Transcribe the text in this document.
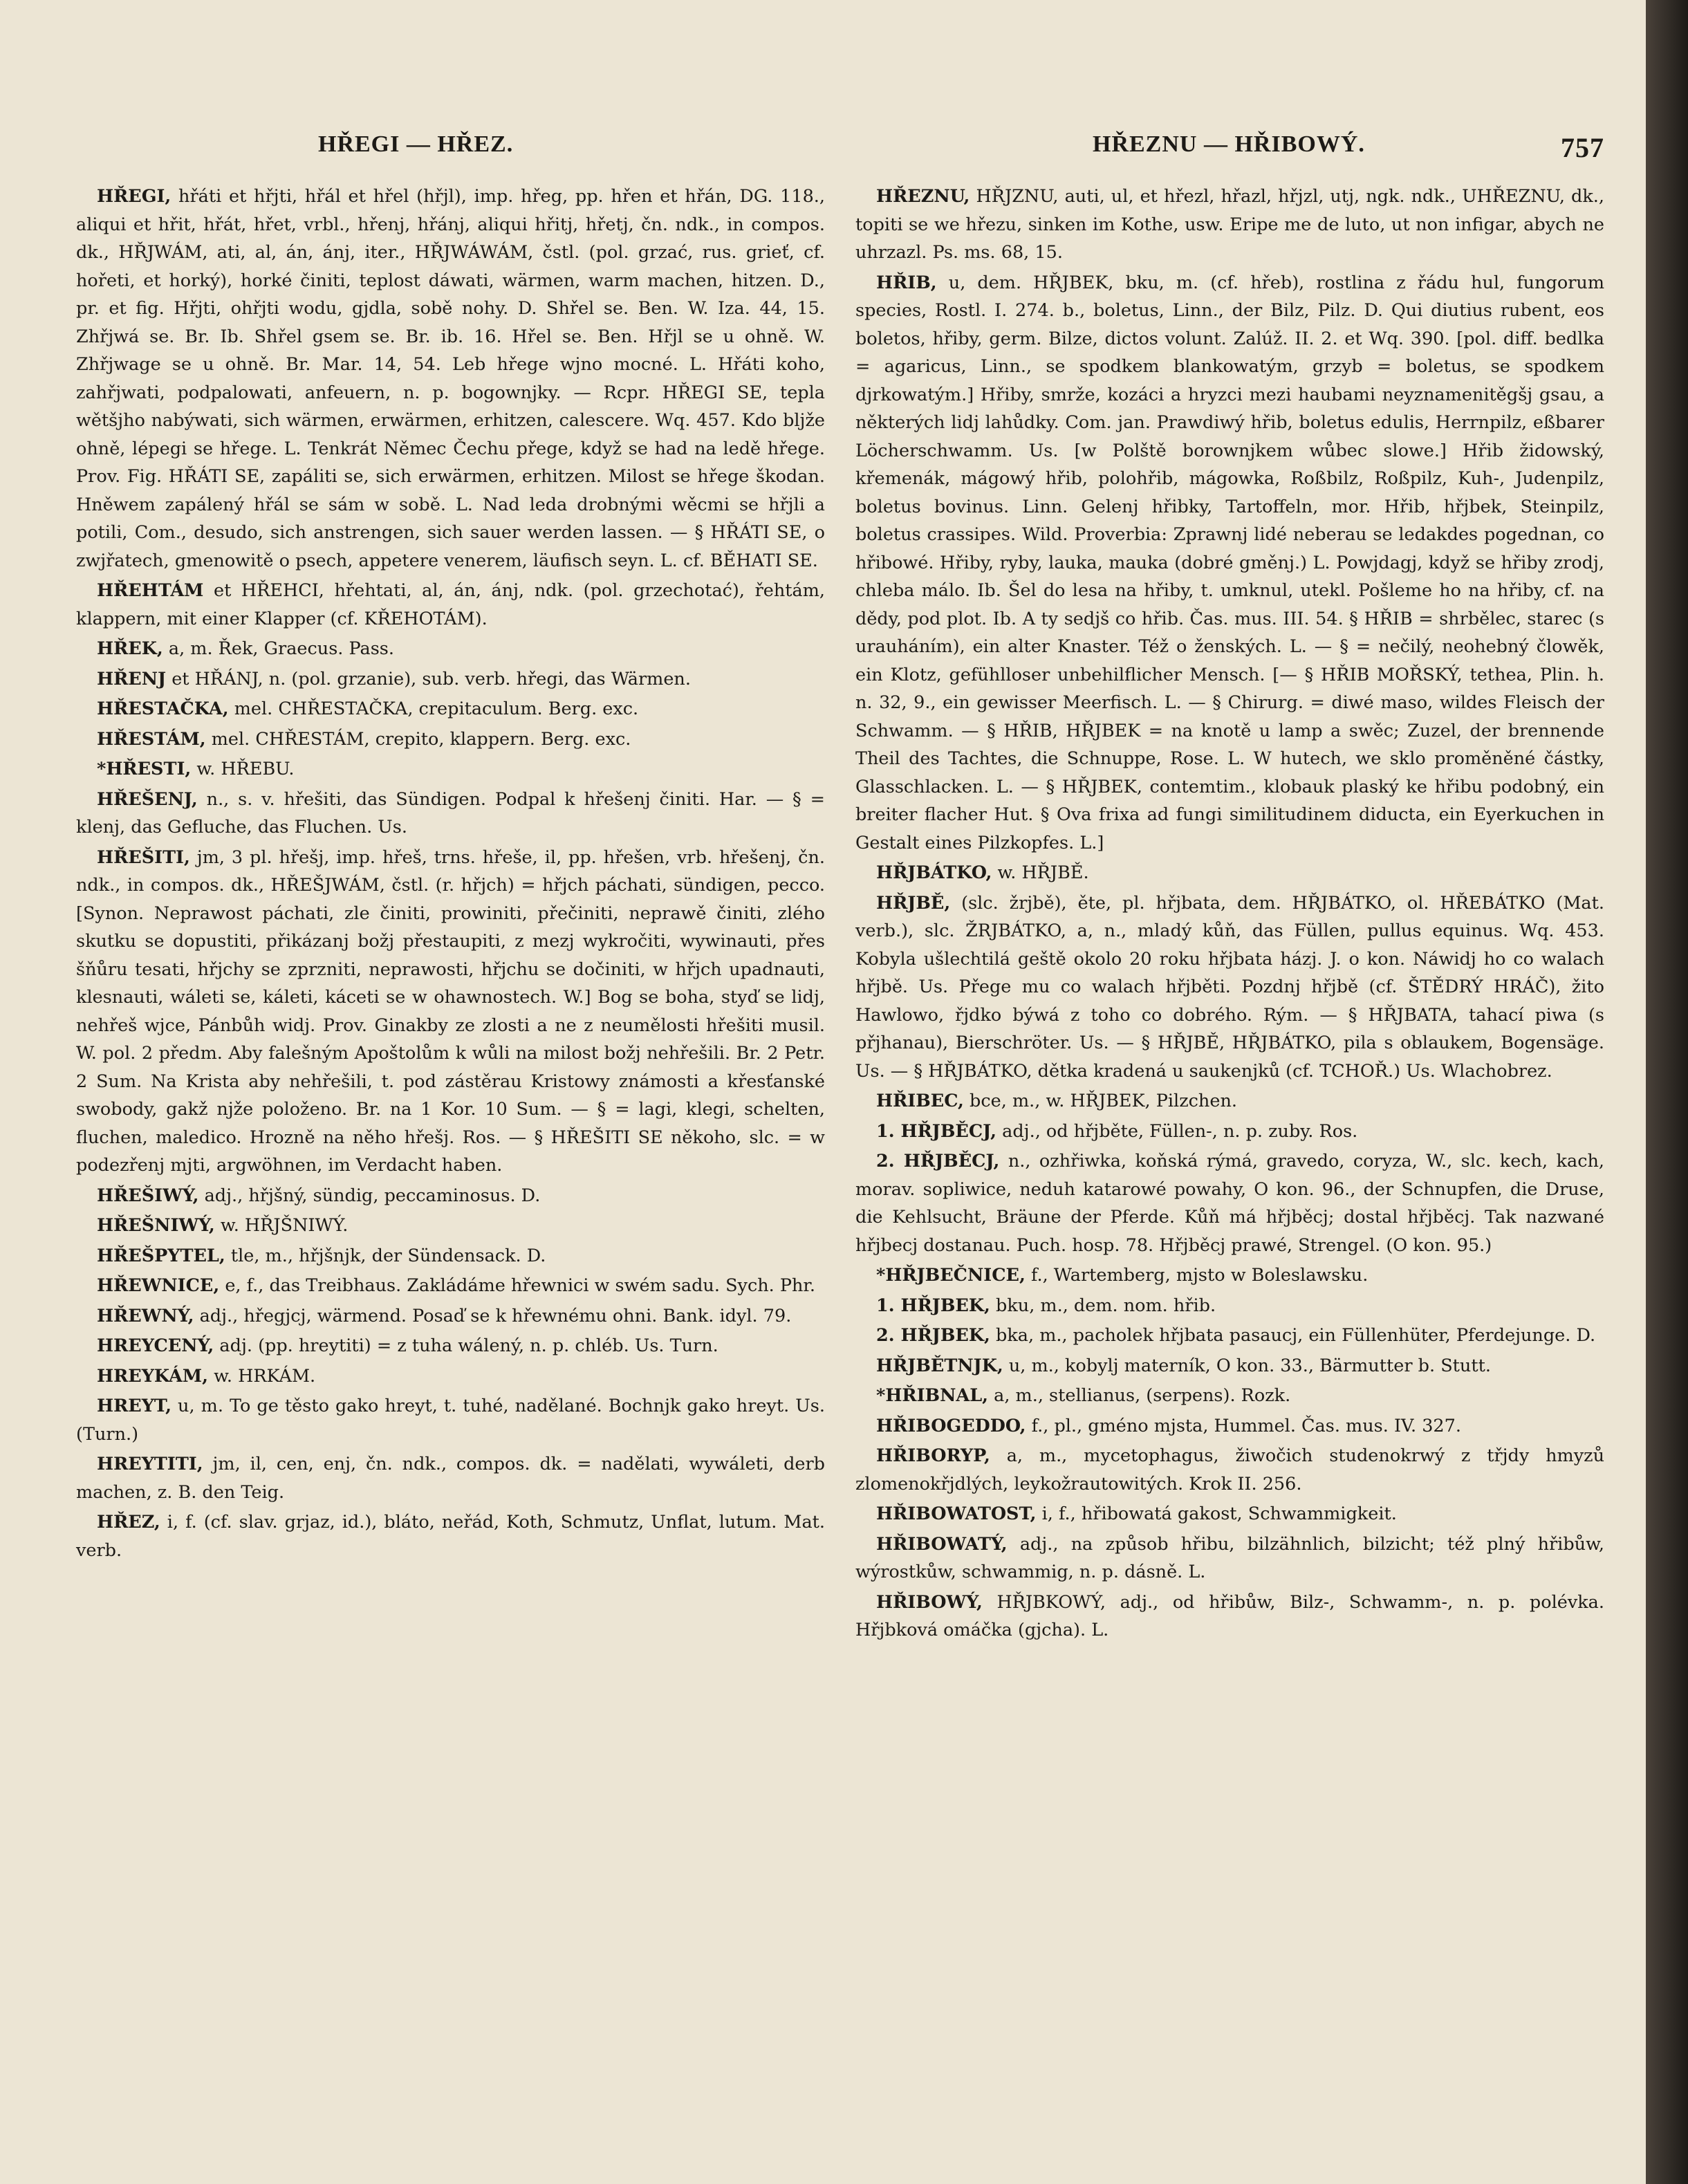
HŘEGI — HŘEZ.	HŘEZNU — HŘIBOWÝ.	757

HŘEGI, hřáti et hřjti, hřál et hřel (hřjl), imp. hřeg, pp. hřen et hřán, DG. 118., aliqui et hřit, hřát, hřet, vrbl., hřenj, hřánj, aliqui hřitj, hřetj, čn. ndk., in compos. dk., HŘJWÁM, ati, al, án, ánj, iter., HŘJWÁWÁM, čstl. (pol. grzać, rus. grieť, cf. hořeti, et horký), horké činiti, teplost dáwati, wärmen, warm machen, hitzen. D., pr. et fig. Hřjti, ohřjti wodu, gjdla, sobě nohy. D. Shřel se. Ben. W. Iza. 44, 15. Zhřjwá se. Br. Ib. Shřel gsem se. Br. ib. 16. Hřel se. Ben. Hřjl se u ohně. W. Zhřjwage se u ohně. Br. Mar. 14, 54. Leb hřege wjno mocné. L. Hřáti koho, zahřjwati, podpalowati, anfeuern, n. p. bogownjky. — Rcpr. HŘEGI SE, tepla wětšjho nabýwati, sich wärmen, erwärmen, erhitzen, calescere. Wq. 457. Kdo bljže ohně, lépegi se hřege. L. Tenkrát Němec Čechu přege, když se had na ledě hřege. Prov. Fig. HŘÁTI SE, zapáliti se, sich erwärmen, erhitzen. Milost se hřege škodan. Hněwem zapálený hřál se sám w sobě. L. Nad leda drobnými wěcmi se hřjli a potili, Com., desudo, sich anstrengen, sich sauer werden lassen. — § HŘÁTI SE, o zwjřatech, gmenowitě o psech, appetere venerem, läufisch seyn. L. cf. BĚHATI SE.

HŘEHTÁM et HŘEHCI, hřehtati, al, án, ánj, ndk. (pol. grzechotać), řehtám, klappern, mit einer Klapper (cf. KŘEHOTÁM).

HŘEK, a, m. Řek, Graecus. Pass.

HŘENJ et HŘÁNJ, n. (pol. grzanie), sub. verb. hřegi, das Wärmen.

HŘESTAČKA, mel. CHŘESTAČKA, crepitaculum. Berg. exc.

HŘESTÁM, mel. CHŘESTÁM, crepito, klappern. Berg. exc.

*HŘESTI, w. HŘEBU.

HŘEŠENJ, n., s. v. hřešiti, das Sündigen. Podpal k hřešenj činiti. Har. — § = klenj, das Gefluche, das Fluchen. Us.

HŘEŠITI, jm, 3 pl. hřešj, imp. hřeš, trns. hřeše, il, pp. hřešen, vrb. hřešenj, čn. ndk., in compos. dk., HŘEŠJWÁM, čstl. (r. hřjch) = hřjch páchati, sündigen, pecco. [Synon. Neprawost páchati, zle činiti, prowiniti, přečiniti, neprawě činiti, zlého skutku se dopustiti, přikázanj božj přestaupiti, z mezj wykročiti, wywinauti, přes šňůru tesati, hřjchy se zprzniti, neprawosti, hřjchu se dočiniti, w hřjch upadnauti, klesnauti, wáleti se, káleti, káceti se w ohawnostech. W.] Bog se boha, styď se lidj, nehřeš wjce, Pánbůh widj. Prov. Ginakby ze zlosti a ne z neumělosti hřešiti musil. W. pol. 2 předm. Aby falešným Apoštolům k wůli na milost božj nehřešili. Br. 2 Petr. 2 Sum. Na Krista aby nehřešili, t. pod zástěrau Kristowy známosti a křesťanské swobody, gakž njže položeno. Br. na 1 Kor. 10 Sum. — § = lagi, klegi, schelten, fluchen, maledico. Hrozně na něho hřešj. Ros. — § HŘEŠITI SE někoho, slc. = w podezřenj mjti, argwöhnen, im Verdacht haben.

HŘEŠIWÝ, adj., hřjšný, sündig, peccaminosus. D.

HŘEŠNIWÝ, w. HŘJŠNIWÝ.

HŘEŠPYTEL, tle, m., hřjšnjk, der Sündensack. D.

HŘEWNICE, e, f., das Treibhaus. Zakládáme hřewnici w swém sadu. Sych. Phr.

HŘEWNÝ, adj., hřegjcj, wärmend. Posaď se k hřewnému ohni. Bank. idyl. 79.

HREYCENÝ, adj. (pp. hreytiti) = z tuha wálený, n. p. chléb. Us. Turn.

HREYKÁM, w. HRKÁM.

HREYT, u, m. To ge těsto gako hreyt, t. tuhé, nadělané. Bochnjk gako hreyt. Us. (Turn.)

HREYTITI, jm, il, cen, enj, čn. ndk., compos. dk. = nadělati, wywáleti, derb machen, z. B. den Teig.

HŘEZ, i, f. (cf. slav. grjaz, id.), bláto, neřád, Koth, Schmutz, Unflat, lutum. Mat. verb.

HŘEZNU, HŘJZNU, auti, ul, et hřezl, hřazl, hřjzl, utj, ngk. ndk., UHŘEZNU, dk., topiti se we hřezu, sinken im Kothe, usw. Eripe me de luto, ut non infigar, abych ne uhrzazl. Ps. ms. 68, 15.

HŘIB, u, dem. HŘJBEK, bku, m. (cf. hřeb), rostlina z řádu hul, fungorum species, Rostl. I. 274. b., boletus, Linn., der Bilz, Pilz. D. Qui diutius rubent, eos boletos, hřiby, germ. Bilze, dictos volunt. Zalúž. II. 2. et Wq. 390. [pol. diff. bedlka = agaricus, Linn., se spodkem blankowatým, grzyb = boletus, se spodkem djrkowatým.] Hřiby, smrže, kozáci a hryzci mezi haubami neyznamenitěgšj gsau, a některých lidj lahůdky. Com. jan. Prawdiwý hřib, boletus edulis, Herrnpilz, eßbarer Löcherschwamm. Us. [w Polště borownjkem wůbec slowe.] Hřib židowský, křemenák, mágowý hřib, polohřib, mágowka, Roßbilz, Roßpilz, Kuh-, Judenpilz, boletus bovinus. Linn. Gelenj hřibky, Tartoffeln, mor. Hřib, hřjbek, Steinpilz, boletus crassipes. Wild. Proverbia: Zprawnj lidé neberau se ledakdes pogednan, co hřibowé. Hřiby, ryby, lauka, mauka (dobré gměnj.) L. Powjdagj, když se hřiby zrodj, chleba málo. Ib. Šel do lesa na hřiby, t. umknul, utekl. Pošleme ho na hřiby, cf. na dědy, pod plot. Ib. A ty sedjš co hřib. Čas. mus. III. 54. § HŘIB = shrbělec, starec (s urauháním), ein alter Knaster. Též o ženských. L. — § = nečilý, neohebný člowěk, ein Klotz, gefühlloser unbehilflicher Mensch. [— § HŘIB MOŘSKÝ, tethea, Plin. h. n. 32, 9., ein gewisser Meerfisch. L. — § Chirurg. = diwé maso, wildes Fleisch der Schwamm. — § HŘIB, HŘJBEK = na knotě u lamp a swěc; Zuzel, der brennende Theil des Tachtes, die Schnuppe, Rose. L. W hutech, we sklo proměněné částky, Glasschlacken. L. — § HŘJBEK, contemtim., klobauk plaský ke hřibu podobný, ein breiter flacher Hut. § Ova frixa ad fungi similitudinem diducta, ein Eyerkuchen in Gestalt eines Pilzkopfes. L.]

HŘJBÁTKO, w. HŘJBĚ.

HŘJBĚ, (slc. žrjbě), ěte, pl. hřjbata, dem. HŘJBÁTKO, ol. HŘEBÁTKO (Mat. verb.), slc. ŽRJBÁTKO, a, n., mladý kůň, das Füllen, pullus equinus. Wq. 453. Kobyla ušlechtilá geště okolo 20 roku hřjbata házj. J. o kon. Náwidj ho co walach hřjbě. Us. Přege mu co walach hřjběti. Pozdnj hřjbě (cf. ŠTĚDRÝ HRÁČ), žito Hawlowo, řjdko býwá z toho co dobrého. Rým. — § HŘJBATA, tahací piwa (s přjhanau), Bierschröter. Us. — § HŘJBĚ, HŘJBÁTKO, pila s oblaukem, Bogensäge. Us. — § HŘJBÁTKO, dětka kradená u saukenjků (cf. TCHOŘ.) Us. Wlachobrez.

HŘIBEC, bce, m., w. HŘJBEK, Pilzchen.

1. HŘJBĚCJ, adj., od hřjběte, Füllen-, n. p. zuby. Ros.

2. HŘJBĚCJ, n., ozhřiwka, koňská rýmá, gravedo, coryza, W., slc. kech, kach, morav. sopliwice, neduh katarowé powahy, O kon. 96., der Schnupfen, die Druse, die Kehlsucht, Bräune der Pferde. Kůň má hřjběcj; dostal hřjběcj. Tak nazwané hřjbecj dostanau. Puch. hosp. 78. Hřjběcj prawé, Strengel. (O kon. 95.)

*HŘJBEČNICE, f., Wartemberg, mjsto w Boleslawsku.

1. HŘJBEK, bku, m., dem. nom. hřib.

2. HŘJBEK, bka, m., pacholek hřjbata pasaucj, ein Füllenhüter, Pferdejunge. D.

HŘJBĚTNJK, u, m., kobylj materník, O kon. 33., Bärmutter b. Stutt.

*HŘIBNAL, a, m., stellianus, (serpens). Rozk.

HŘIBOGEDDO, f., pl., gméno mjsta, Hummel. Čas. mus. IV. 327.

HŘIBORYP, a, m., mycetophagus, žiwočich studenokrwý z třjdy hmyzů zlomenokřjdlých, leykožrautowitých. Krok II. 256.

HŘIBOWATOST, i, f., hřibowatá gakost, Schwammigkeit.

HŘIBOWATÝ, adj., na způsob hřibu, bilzähnlich, bilzicht; též plný hřibůw, wýrostkůw, schwammig, n. p. dásně. L.

HŘIBOWÝ, HŘJBKOWÝ, adj., od hřibůw, Bilz-, Schwamm-, n. p. polévka. Hřjbková omáčka (gjcha). L.
